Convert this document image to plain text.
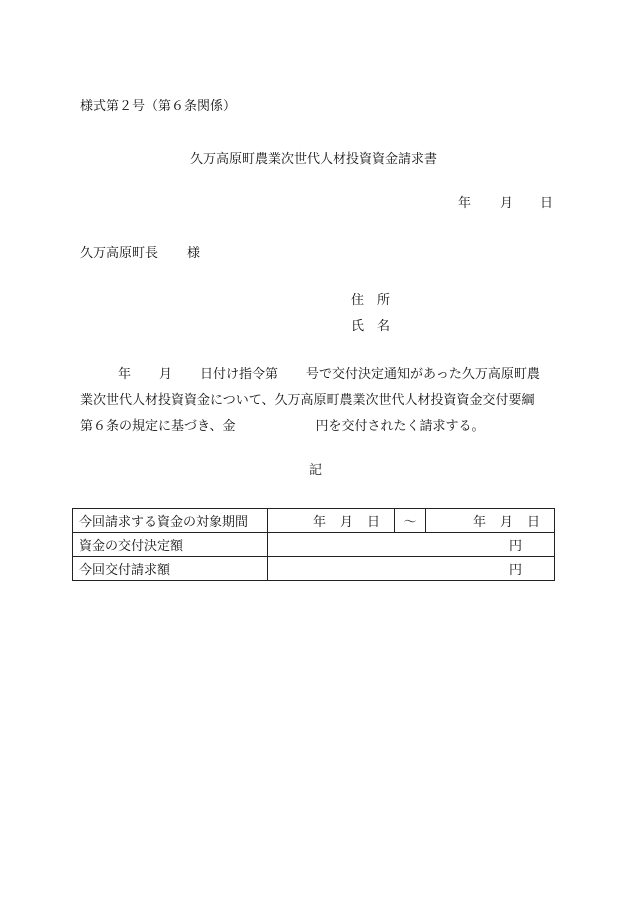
様式第２号（第６条関係）
久万高原町農業次世代人材投資資金請求書
年 月 日
久万高原町長 様
住　所
氏　名
年 月 日付け指令第 号で交付決定通知があった久万高原町農
業次世代人材投資資金について、久万高原町農業次世代人材投資資金交付要綱
第６条の規定に基づき、金	円を交付されたく請求する。
記
今回請求する資金の対象期間	年 月 日	～	年 月 日
資金の交付決定額	円		
今回交付請求額	円		
